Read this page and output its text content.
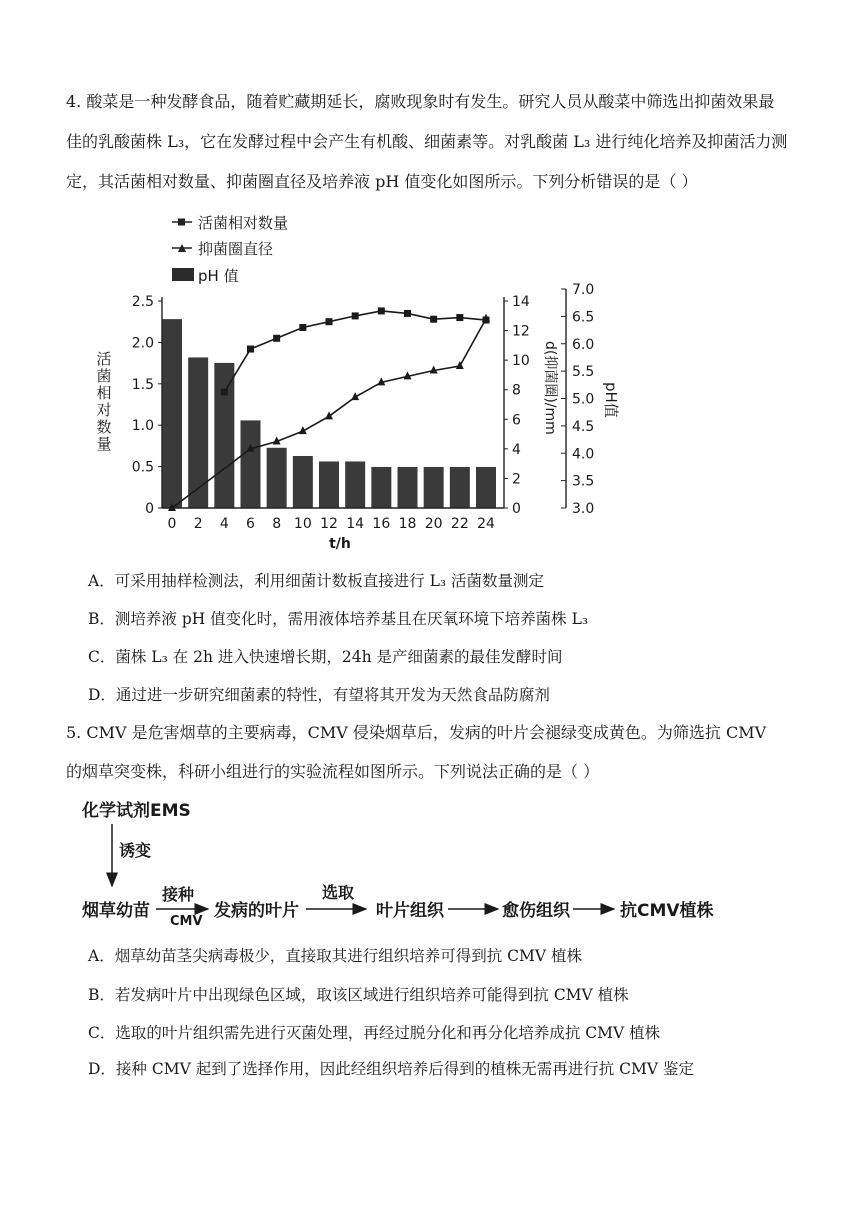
4. 酸菜是一种发酵食品，随着贮藏期延长，腐败现象时有发生。研究人员从酸菜中筛选出抑菌效果最
佳的乳酸菌株 L₃，它在发酵过程中会产生有机酸、细菌素等。对乳酸菌 L₃ 进行纯化培养及抑菌活力测
定，其活菌相对数量、抑菌圈直径及培养液 pH 值变化如图所示。下列分析错误的是（ ）
活菌相对数量
抑菌圈直径
pH 值
0
0.5
1.0
1.5
2.0
2.5
活
菌
相
对
数
量
0
2
4
6
8
10
12
14
d(抑菌圈)/mm
3.0
3.5
4.0
4.5
5.0
5.5
6.0
6.5
7.0
pH值
0 2 4 6 8 10 12 14 16 18 20 22 24
t/h
A．可采用抽样检测法，利用细菌计数板直接进行 L₃ 活菌数量测定
B．测培养液 pH 值变化时，需用液体培养基且在厌氧环境下培养菌株 L₃
C．菌株 L₃ 在 2h 进入快速增长期，24h 是产细菌素的最佳发酵时间
D．通过进一步研究细菌素的特性，有望将其开发为天然食品防腐剂
5. CMV 是危害烟草的主要病毒，CMV 侵染烟草后，发病的叶片会褪绿变成黄色。为筛选抗 CMV
的烟草突变株，科研小组进行的实验流程如图所示。下列说法正确的是（ ）
化学试剂EMS
诱变
烟草幼苗
接种
CMV
发病的叶片
选取
叶片组织	愈伤组织	抗CMV植株
A．烟草幼苗茎尖病毒极少，直接取其进行组织培养可得到抗 CMV 植株
B．若发病叶片中出现绿色区域，取该区域进行组织培养可能得到抗 CMV 植株
C．选取的叶片组织需先进行灭菌处理，再经过脱分化和再分化培养成抗 CMV 植株
D．接种 CMV 起到了选择作用，因此经组织培养后得到的植株无需再进行抗 CMV 鉴定
